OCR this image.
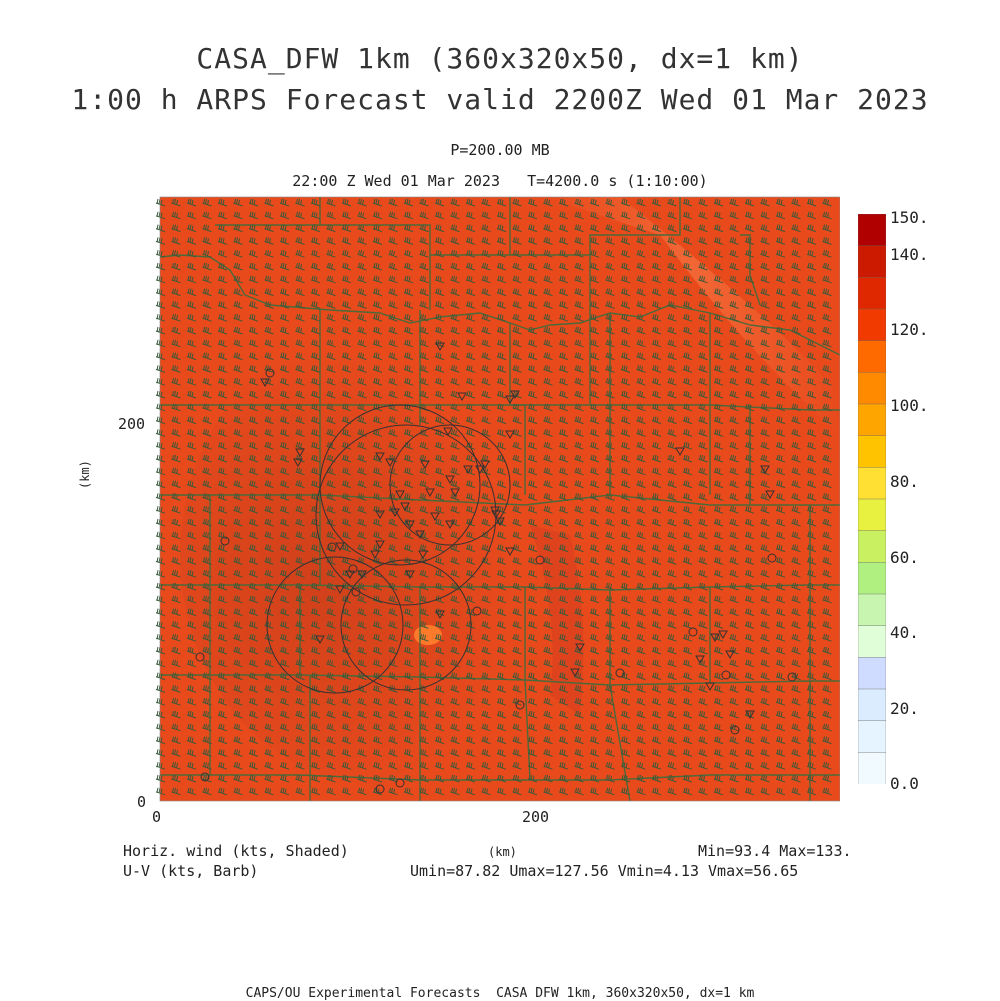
CASA_DFW 1km (360x320x50, dx=1 km)
1:00 h ARPS Forecast valid 2200Z Wed 01 Mar 2023
P=200.00 MB
22:00 Z Wed 01 Mar 2023   T=4200.0 s (1:10:00)
0	200
0
200
(km)
(km)
150.
140.
120.
100.
80.
60.
40.
20.
0.0
Horiz. wind (kts, Shaded)
U-V (kts, Barb)
Min=93.4 Max=133.
Umin=87.82 Umax=127.56 Vmin=4.13 Vmax=56.65
CAPS/OU Experimental Forecasts  CASA DFW 1km, 360x320x50, dx=1 km
